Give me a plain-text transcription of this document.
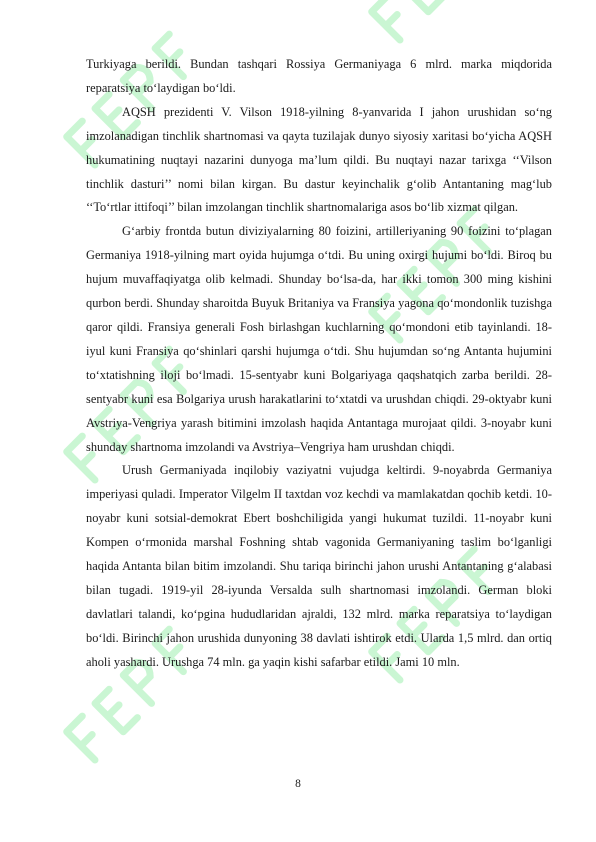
Turkiyaga berildi. Bundan tashqari Rossiya Germaniyaga 6 mlrd. marka miqdorida reparatsiya toʻlaydigan boʻldi.

AQSH prezidenti V. Vilson 1918-yilning 8-yanvarida I jahon urushidan soʻng imzolanadigan tinchlik shartnomasi va qayta tuzilajak dunyo siyosiy xaritasi boʻyicha AQSH hukumatining nuqtayi nazarini dunyoga maʼlum qildi. Bu nuqtayi nazar tarixga ‘‘Vilson tinchlik dasturi’’ nomi bilan kirgan. Bu dastur keyinchalik gʻolib Antantaning magʻlub ‘‘Toʻrtlar ittifoqi’’ bilan imzolangan tinchlik shartnomalariga asos boʻlib xizmat qilgan.

Gʻarbiy frontda butun diviziyalarning 80 foizini, artilleriyaning 90 foizini toʻplagan Germaniya 1918-yilning mart oyida hujumga oʻtdi. Bu uning oxirgi hujumi boʻldi. Biroq bu hujum muvaffaqiyatga olib kelmadi. Shunday boʻlsa-da, har ikki tomon 300 ming kishini qurbon berdi. Shunday sharoitda Buyuk Britaniya va Fransiya yagona qoʻmondonlik tuzishga qaror qildi. Fransiya generali Fosh birlashgan kuchlarning qoʻmondoni etib tayinlandi. 18-iyul kuni Fransiya qoʻshinlari qarshi hujumga oʻtdi. Shu hujumdan soʻng Antanta hujumini toʻxtatishning iloji boʻlmadi. 15-sentyabr kuni Bolgariyaga qaqshatqich zarba berildi. 28-sentyabr kuni esa Bolgariya urush harakatlarini toʻxtatdi va urushdan chiqdi. 29-oktyabr kuni Avstriya-Vengriya yarash bitimini imzolash haqida Antantaga murojaat qildi. 3-noyabr kuni shunday shartnoma imzolandi va Avstriya–Vengriya ham urushdan chiqdi.

Urush Germaniyada inqilobiy vaziyatni vujudga keltirdi. 9-noyabrda Germaniya imperiyasi quladi. Imperator Vilgelm II taxtdan voz kechdi va mamlakatdan qochib ketdi. 10-noyabr kuni sotsial-demokrat Ebert boshchiligida yangi hukumat tuzildi. 11-noyabr kuni Kompen oʻrmonida marshal Foshning shtab vagonida Germaniyaning taslim boʻlganligi haqida Antanta bilan bitim imzolandi. Shu tariqa birinchi jahon urushi Antantaning gʻalabasi bilan tugadi. 1919-yil 28-iyunda Versalda sulh shartnomasi imzolandi. German bloki davlatlari talandi, koʻpgina hududlaridan ajraldi, 132 mlrd. marka reparatsiya toʻlaydigan boʻldi. Birinchi jahon urushida dunyoning 38 davlati ishtirok etdi. Ularda 1,5 mlrd. dan ortiq aholi yashardi. Urushga 74 mln. ga yaqin kishi safarbar etildi. Jami 10 mln.

8
